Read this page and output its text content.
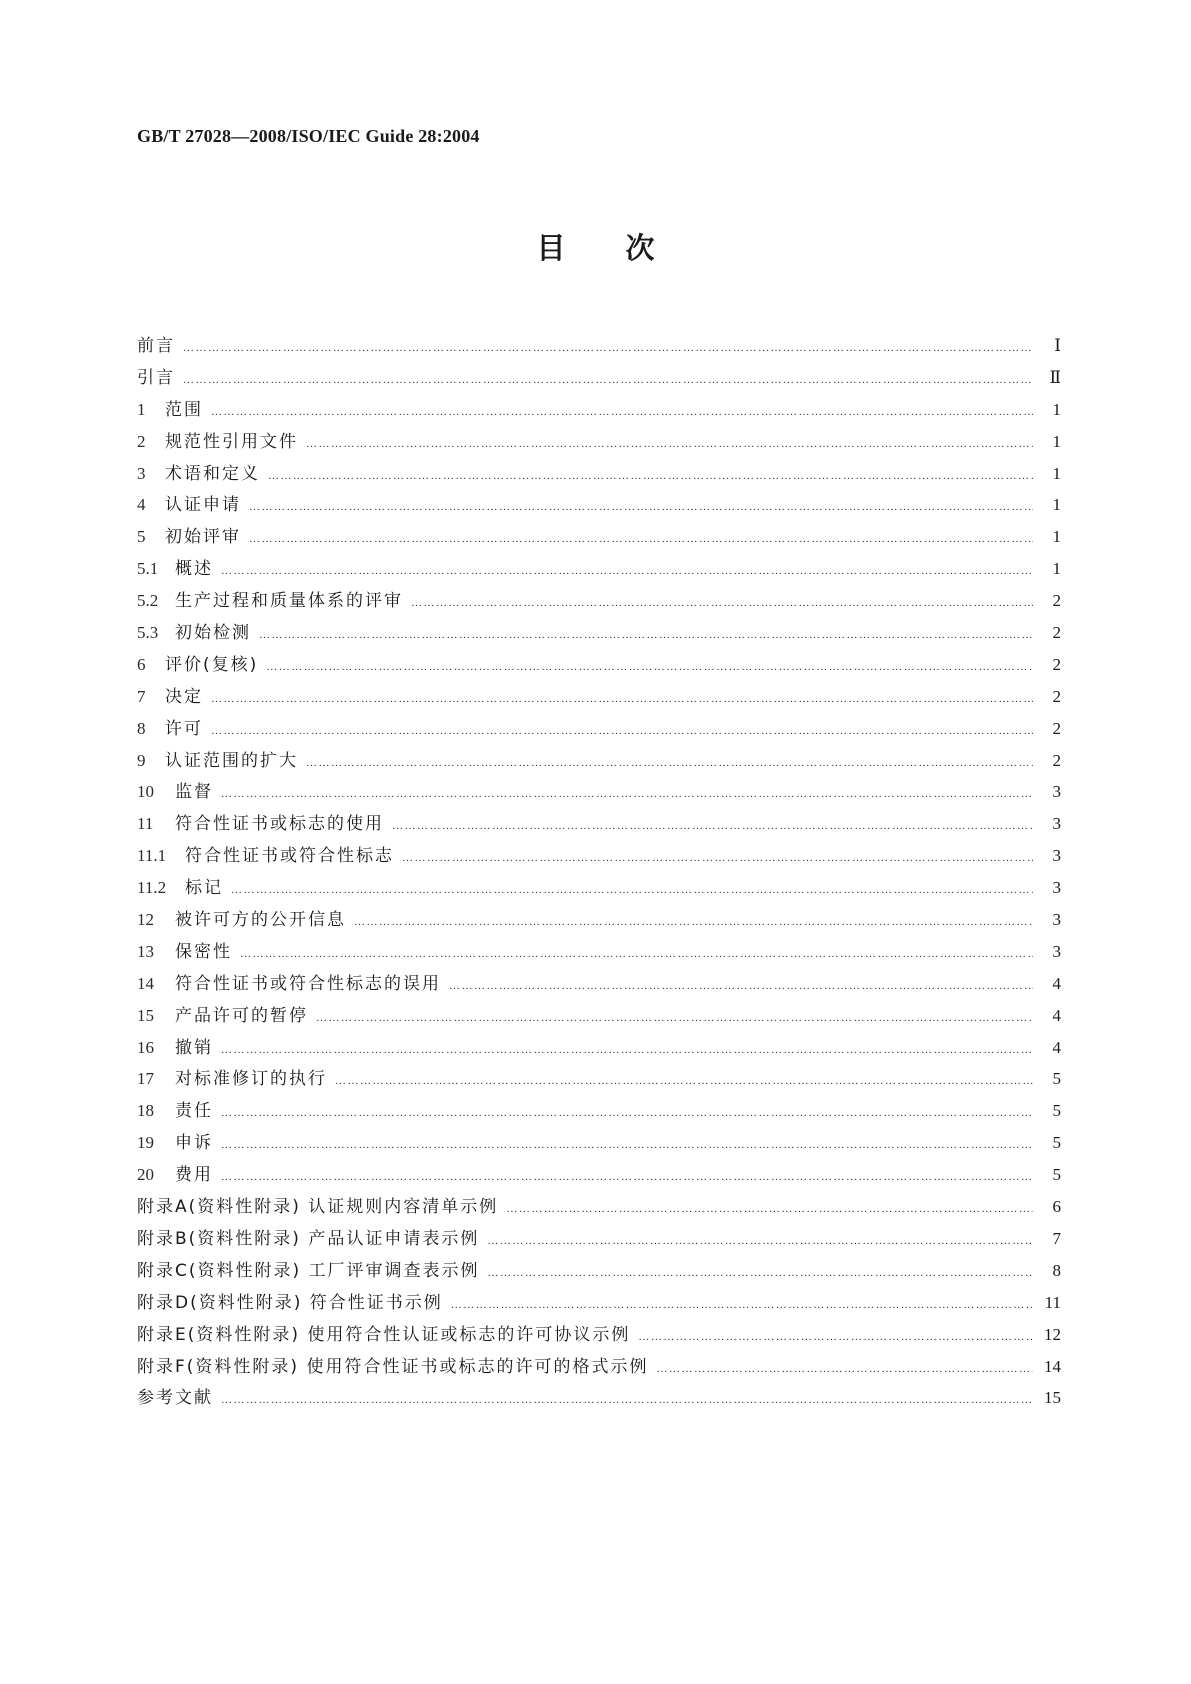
GB/T 27028—2008/ISO/IEC Guide 28:2004
目次
前言 ……………………………………………………………………………………………………………………………………………………………………………………………………………………………………………	Ⅰ
引言 ……………………………………………………………………………………………………………………………………………………………………………………………………………………………………………	Ⅱ
1	范围 ……………………………………………………………………………………………………………………………………………………………………………………………………………………………………………	1
2	规范性引用文件 ……………………………………………………………………………………………………………………………………………………………………………………………………………………………………………	1
3	术语和定义 ……………………………………………………………………………………………………………………………………………………………………………………………………………………………………………	1
4	认证申请 ……………………………………………………………………………………………………………………………………………………………………………………………………………………………………………	1
5	初始评审 ……………………………………………………………………………………………………………………………………………………………………………………………………………………………………………	1
5.1 概述 ……………………………………………………………………………………………………………………………………………………………………………………………………………………………………………	1
5.2 生产过程和质量体系的评审 ……………………………………………………………………………………………………………………………………………………………………………………………………………………………………………	2
5.3 初始检测 ……………………………………………………………………………………………………………………………………………………………………………………………………………………………………………	2
6	评价(复核) ……………………………………………………………………………………………………………………………………………………………………………………………………………………………………………	2
7	决定 ……………………………………………………………………………………………………………………………………………………………………………………………………………………………………………	2
8	许可 ……………………………………………………………………………………………………………………………………………………………………………………………………………………………………………	2
9	认证范围的扩大 ……………………………………………………………………………………………………………………………………………………………………………………………………………………………………………	2
10	监督 ……………………………………………………………………………………………………………………………………………………………………………………………………………………………………………	3
11	符合性证书或标志的使用 ……………………………………………………………………………………………………………………………………………………………………………………………………………………………………………	3
11.1	符合性证书或符合性标志 ……………………………………………………………………………………………………………………………………………………………………………………………………………………………………………	3
11.2	标记 ……………………………………………………………………………………………………………………………………………………………………………………………………………………………………………	3
12	被许可方的公开信息 ……………………………………………………………………………………………………………………………………………………………………………………………………………………………………………	3
13	保密性 ……………………………………………………………………………………………………………………………………………………………………………………………………………………………………………	3
14	符合性证书或符合性标志的误用 ……………………………………………………………………………………………………………………………………………………………………………………………………………………………………………	4
15	产品许可的暂停 ……………………………………………………………………………………………………………………………………………………………………………………………………………………………………………	4
16	撤销 ……………………………………………………………………………………………………………………………………………………………………………………………………………………………………………	4
17	对标准修订的执行 ……………………………………………………………………………………………………………………………………………………………………………………………………………………………………………	5
18	责任 ……………………………………………………………………………………………………………………………………………………………………………………………………………………………………………	5
19	申诉 ……………………………………………………………………………………………………………………………………………………………………………………………………………………………………………	5
20	费用 ……………………………………………………………………………………………………………………………………………………………………………………………………………………………………………	5
附录A(资料性附录) 认证规则内容清单示例 ……………………………………………………………………………………………………………………………………………………………………………………………………………………………………………	6
附录B(资料性附录) 产品认证申请表示例 ……………………………………………………………………………………………………………………………………………………………………………………………………………………………………………	7
附录C(资料性附录) 工厂评审调查表示例 ……………………………………………………………………………………………………………………………………………………………………………………………………………………………………………	8
附录D(资料性附录) 符合性证书示例 ……………………………………………………………………………………………………………………………………………………………………………………………………………………………………………	11
附录E(资料性附录) 使用符合性认证或标志的许可协议示例 ……………………………………………………………………………………………………………………………………………………………………………………………………………………………………………	12
附录F(资料性附录) 使用符合性证书或标志的许可的格式示例 ……………………………………………………………………………………………………………………………………………………………………………………………………………………………………………	14
参考文献 ……………………………………………………………………………………………………………………………………………………………………………………………………………………………………………	15
